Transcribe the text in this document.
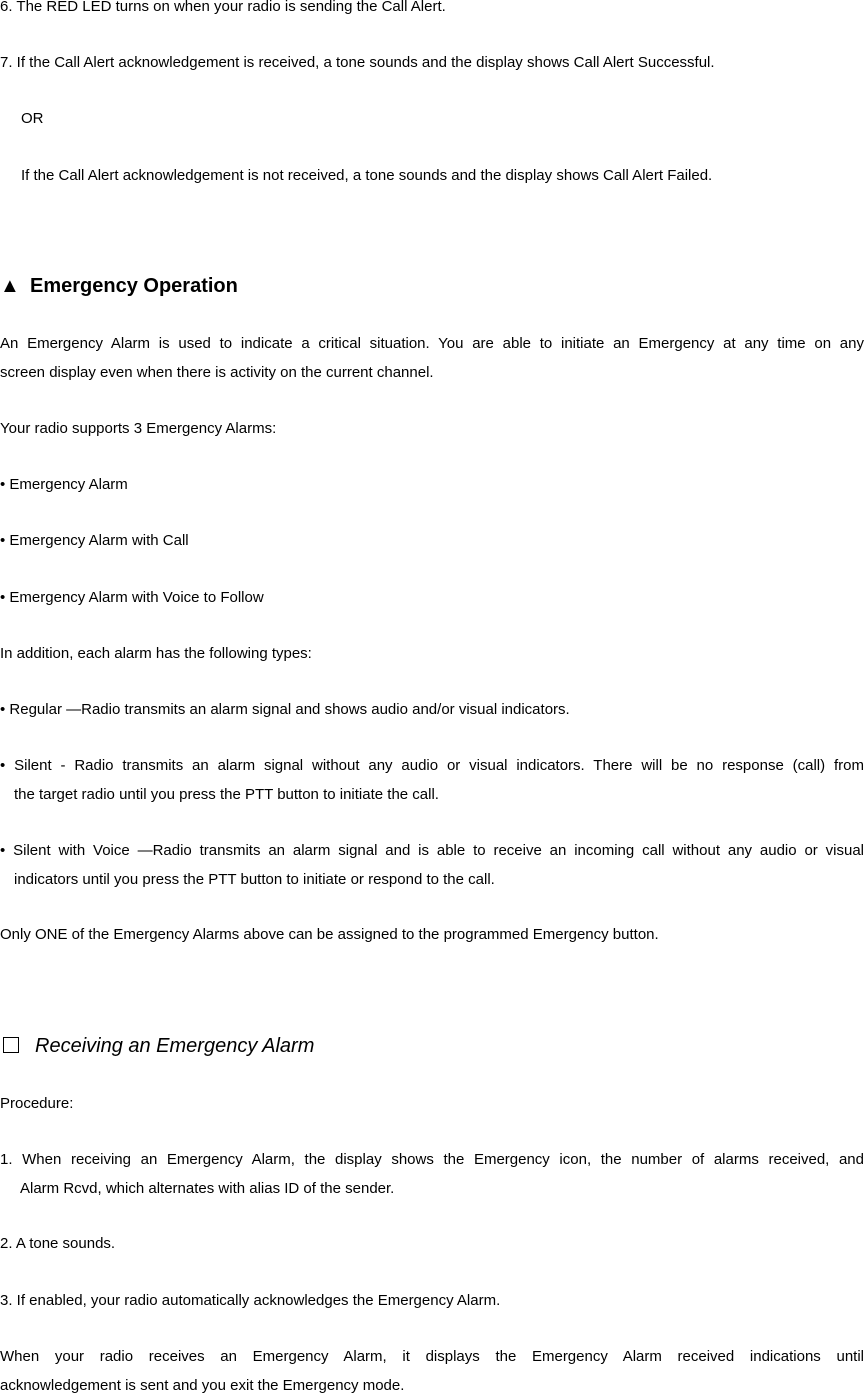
6. The RED LED turns on when your radio is sending the Call Alert.
7. If the Call Alert acknowledgement is received, a tone sounds and the display shows Call Alert Successful.
OR
If the Call Alert acknowledgement is not received, a tone sounds and the display shows Call Alert Failed.
▲ Emergency Operation
An Emergency Alarm is used to indicate a critical situation. You are able to initiate an Emergency at any time on any
screen display even when there is activity on the current channel.
Your radio supports 3 Emergency Alarms:
• Emergency Alarm
• Emergency Alarm with Call
• Emergency Alarm with Voice to Follow
In addition, each alarm has the following types:
• Regular —Radio transmits an alarm signal and shows audio and/or visual indicators.
• Silent - Radio transmits an alarm signal without any audio or visual indicators. There will be no response (call) from
the target radio until you press the PTT button to initiate the call.
• Silent with Voice —Radio transmits an alarm signal and is able to receive an incoming call without any audio or visual
indicators until you press the PTT button to initiate or respond to the call.
Only ONE of the Emergency Alarms above can be assigned to the programmed Emergency button.
Receiving an Emergency Alarm
Procedure:
1. When receiving an Emergency Alarm, the display shows the Emergency icon, the number of alarms received, and
Alarm Rcvd, which alternates with alias ID of the sender.
2. A tone sounds.
3. If enabled, your radio automatically acknowledges the Emergency Alarm.
When your radio receives an Emergency Alarm, it displays the Emergency Alarm received indications until
acknowledgement is sent and you exit the Emergency mode.
